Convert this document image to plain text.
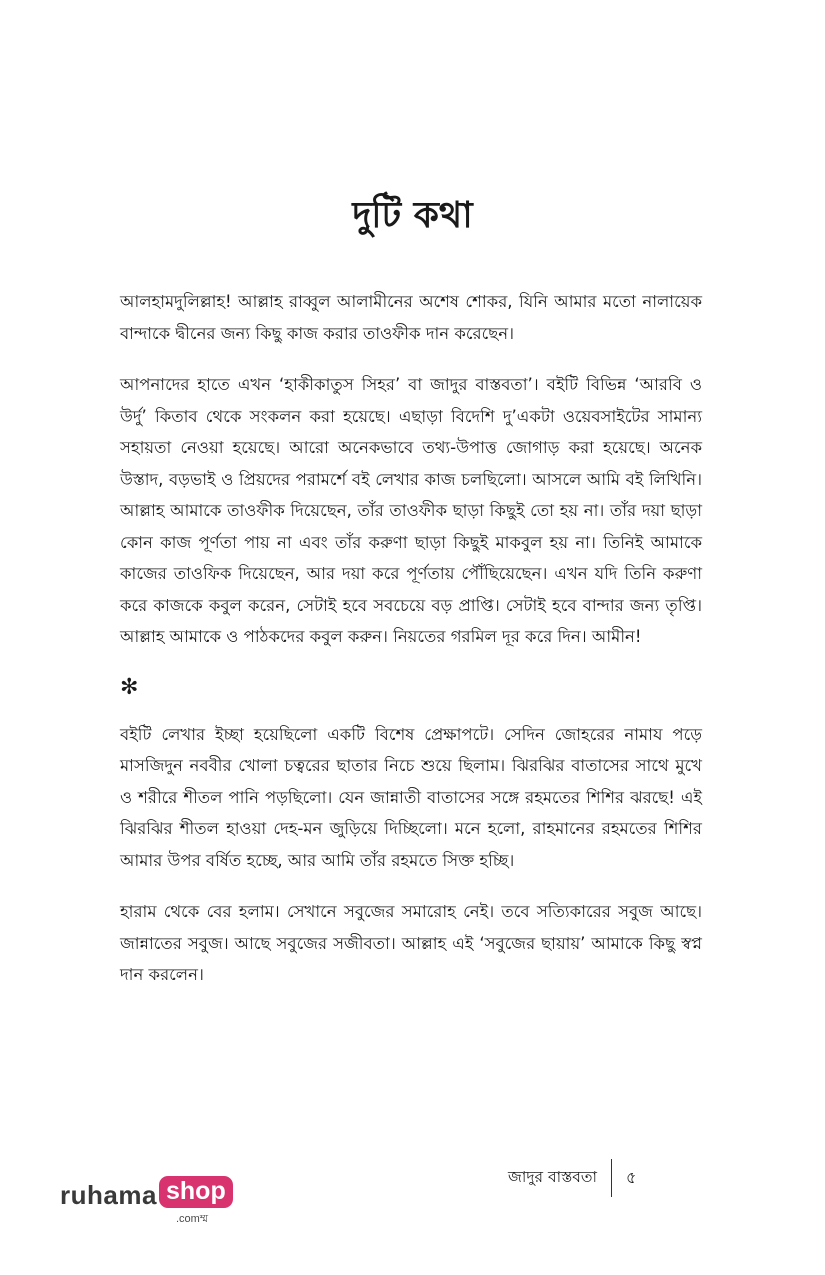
দুটি কথা

আলহামদুলিল্লাহ! আল্লাহ রাব্বুল আলামীনের অশেষ শোকর, যিনি আমার মতো নালায়েক বান্দাকে দ্বীনের জন্য কিছু কাজ করার তাওফীক দান করেছেন।

আপনাদের হাতে এখন ‘হাকীকাতুস সিহর’ বা জাদুর বাস্তবতা’। বইটি বিভিন্ন ‘আরবি ও উর্দু’ কিতাব থেকে সংকলন করা হয়েছে। এছাড়া বিদেশি দু’একটা ওয়েবসাইটের সামান্য সহায়তা নেওয়া হয়েছে। আরো অনেকভাবে তথ্য-উপাত্ত জোগাড় করা হয়েছে। অনেক উস্তাদ, বড়ভাই ও প্রিয়দের পরামর্শে বই লেখার কাজ চলছিলো। আসলে আমি বই লিখিনি। আল্লাহ আমাকে তাওফীক দিয়েছেন, তাঁর তাওফীক ছাড়া কিছুই তো হয় না। তাঁর দয়া ছাড়া কোন কাজ পূর্ণতা পায় না এবং তাঁর করুণা ছাড়া কিছুই মাকবুল হয় না। তিনিই আমাকে কাজের তাওফিক দিয়েছেন, আর দয়া করে পূর্ণতায় পৌঁছিয়েছেন। এখন যদি তিনি করুণা করে কাজকে কবুল করেন, সেটাই হবে সবচেয়ে বড় প্রাপ্তি। সেটাই হবে বান্দার জন্য তৃপ্তি। আল্লাহ আমাকে ও পাঠকদের কবুল করুন। নিয়তের গরমিল দূর করে দিন। আমীন!

✻

বইটি লেখার ইচ্ছা হয়েছিলো একটি বিশেষ প্রেক্ষাপটে। সেদিন জোহরের নামায পড়ে মাসজিদুন নববীর খোলা চত্বরের ছাতার নিচে শুয়ে ছিলাম। ঝিরঝির বাতাসের সাথে মুখে ও শরীরে শীতল পানি পড়ছিলো। যেন জান্নাতী বাতাসের সঙ্গে রহমতের শিশির ঝরছে! এই ঝিরঝির শীতল হাওয়া দেহ-মন জুড়িয়ে দিচ্ছিলো। মনে হলো, রাহমানের রহমতের শিশির আমার উপর বর্ষিত হচ্ছে, আর আমি তাঁর রহমতে সিক্ত হচ্ছি।

হারাম থেকে বের হলাম। সেখানে সবুজের সমারোহ নেই। তবে সত্যিকারের সবুজ আছে। জান্নাতের সবুজ। আছে সবুজের সজীবতা। আল্লাহ এই ‘সবুজের ছায়ায়’ আমাকে কিছু স্বপ্ন দান করলেন।

জাদুর বাস্তবতা	৫
ruhama shop
.comম্ম
